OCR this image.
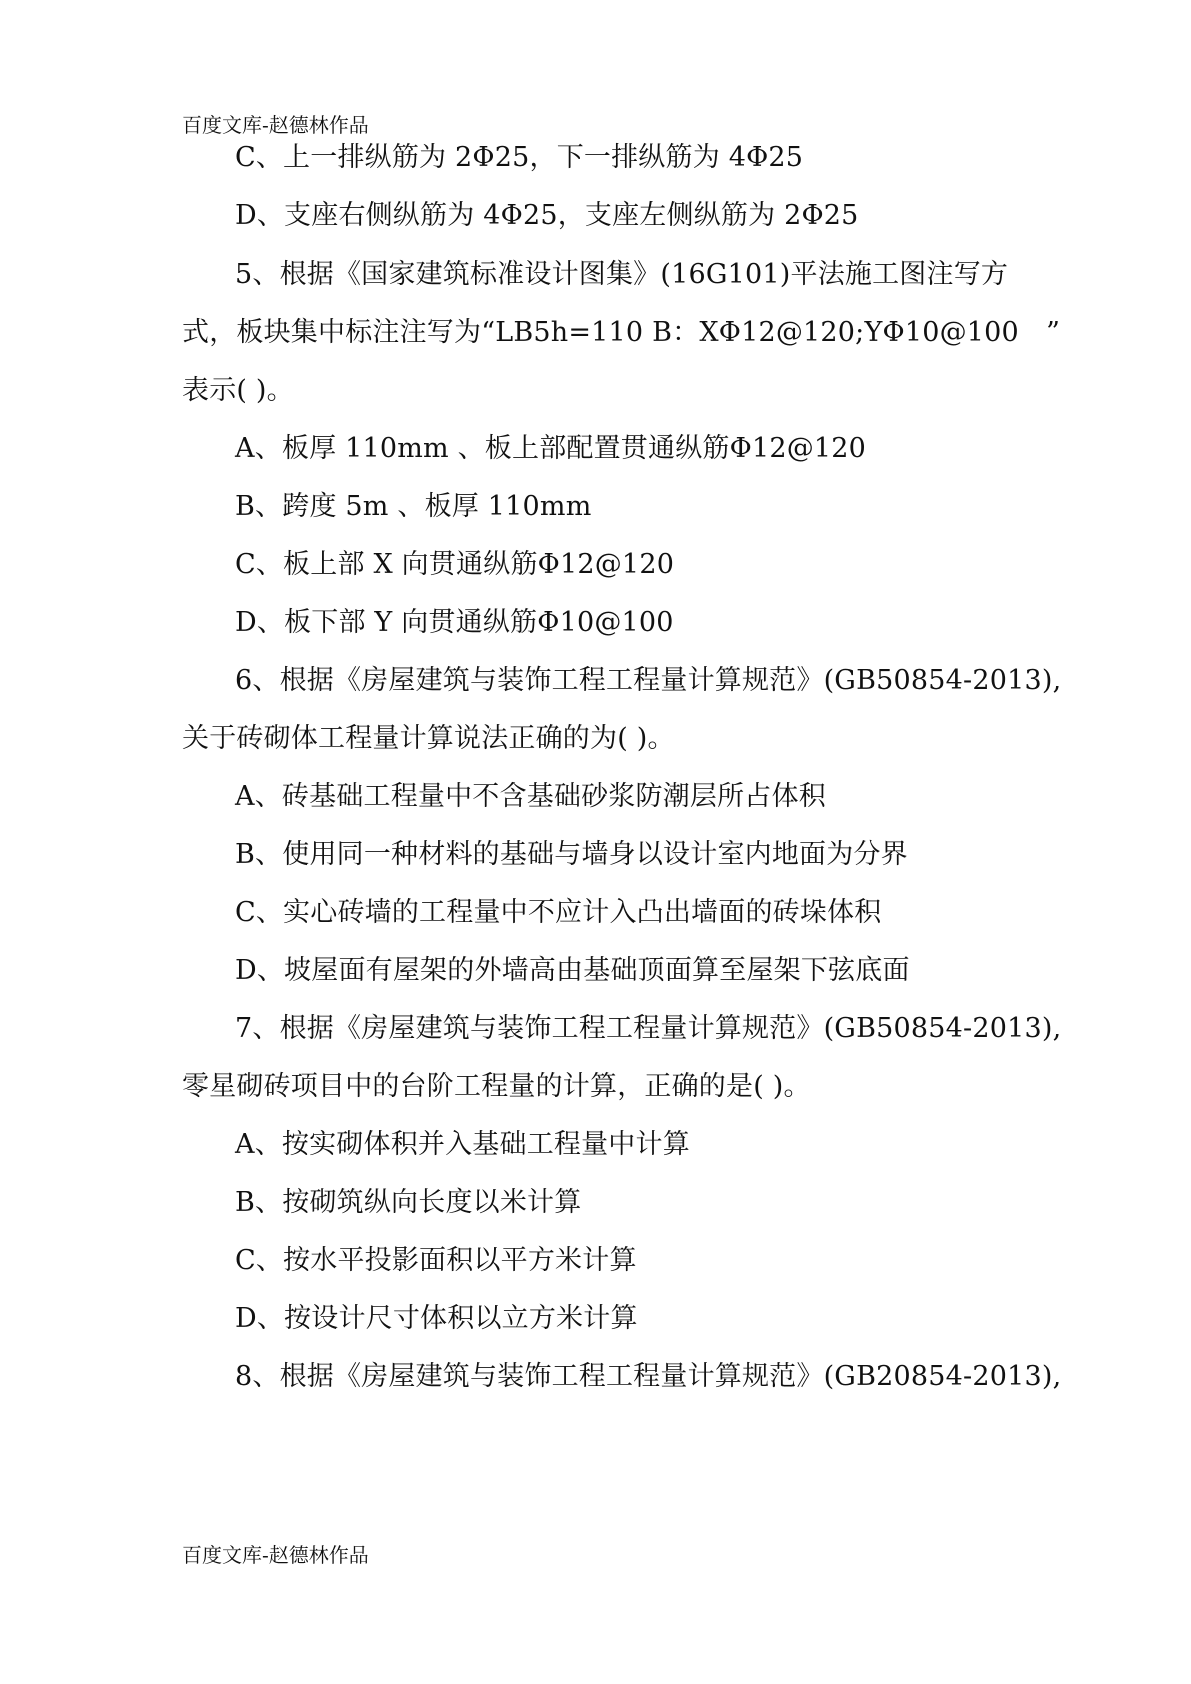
百度文库-赵德林作品
C、上一排纵筋为 2Φ25，下一排纵筋为 4Φ25
D、支座右侧纵筋为 4Φ25，支座左侧纵筋为 2Φ25
5、根据《国家建筑标准设计图集》(16G101)平法施工图注写方
式，板块集中标注注写为“LB5h=110 B：XΦ12@120;YΦ10@100　”
表示( )。
A、板厚 110mm 、板上部配置贯通纵筋Φ12@120
B、跨度 5m 、板厚 110mm
C、板上部 X 向贯通纵筋Φ12@120
D、板下部 Y 向贯通纵筋Φ10@100
6、根据《房屋建筑与装饰工程工程量计算规范》(GB50854-2013),
关于砖砌体工程量计算说法正确的为( )。
A、砖基础工程量中不含基础砂浆防潮层所占体积
B、使用同一种材料的基础与墙身以设计室内地面为分界
C、实心砖墙的工程量中不应计入凸出墙面的砖垛体积
D、坡屋面有屋架的外墙高由基础顶面算至屋架下弦底面
7、根据《房屋建筑与装饰工程工程量计算规范》(GB50854-2013),
零星砌砖项目中的台阶工程量的计算，正确的是( )。
A、按实砌体积并入基础工程量中计算
B、按砌筑纵向长度以米计算
C、按水平投影面积以平方米计算
D、按设计尺寸体积以立方米计算
8、根据《房屋建筑与装饰工程工程量计算规范》(GB20854-2013),
百度文库-赵德林作品
